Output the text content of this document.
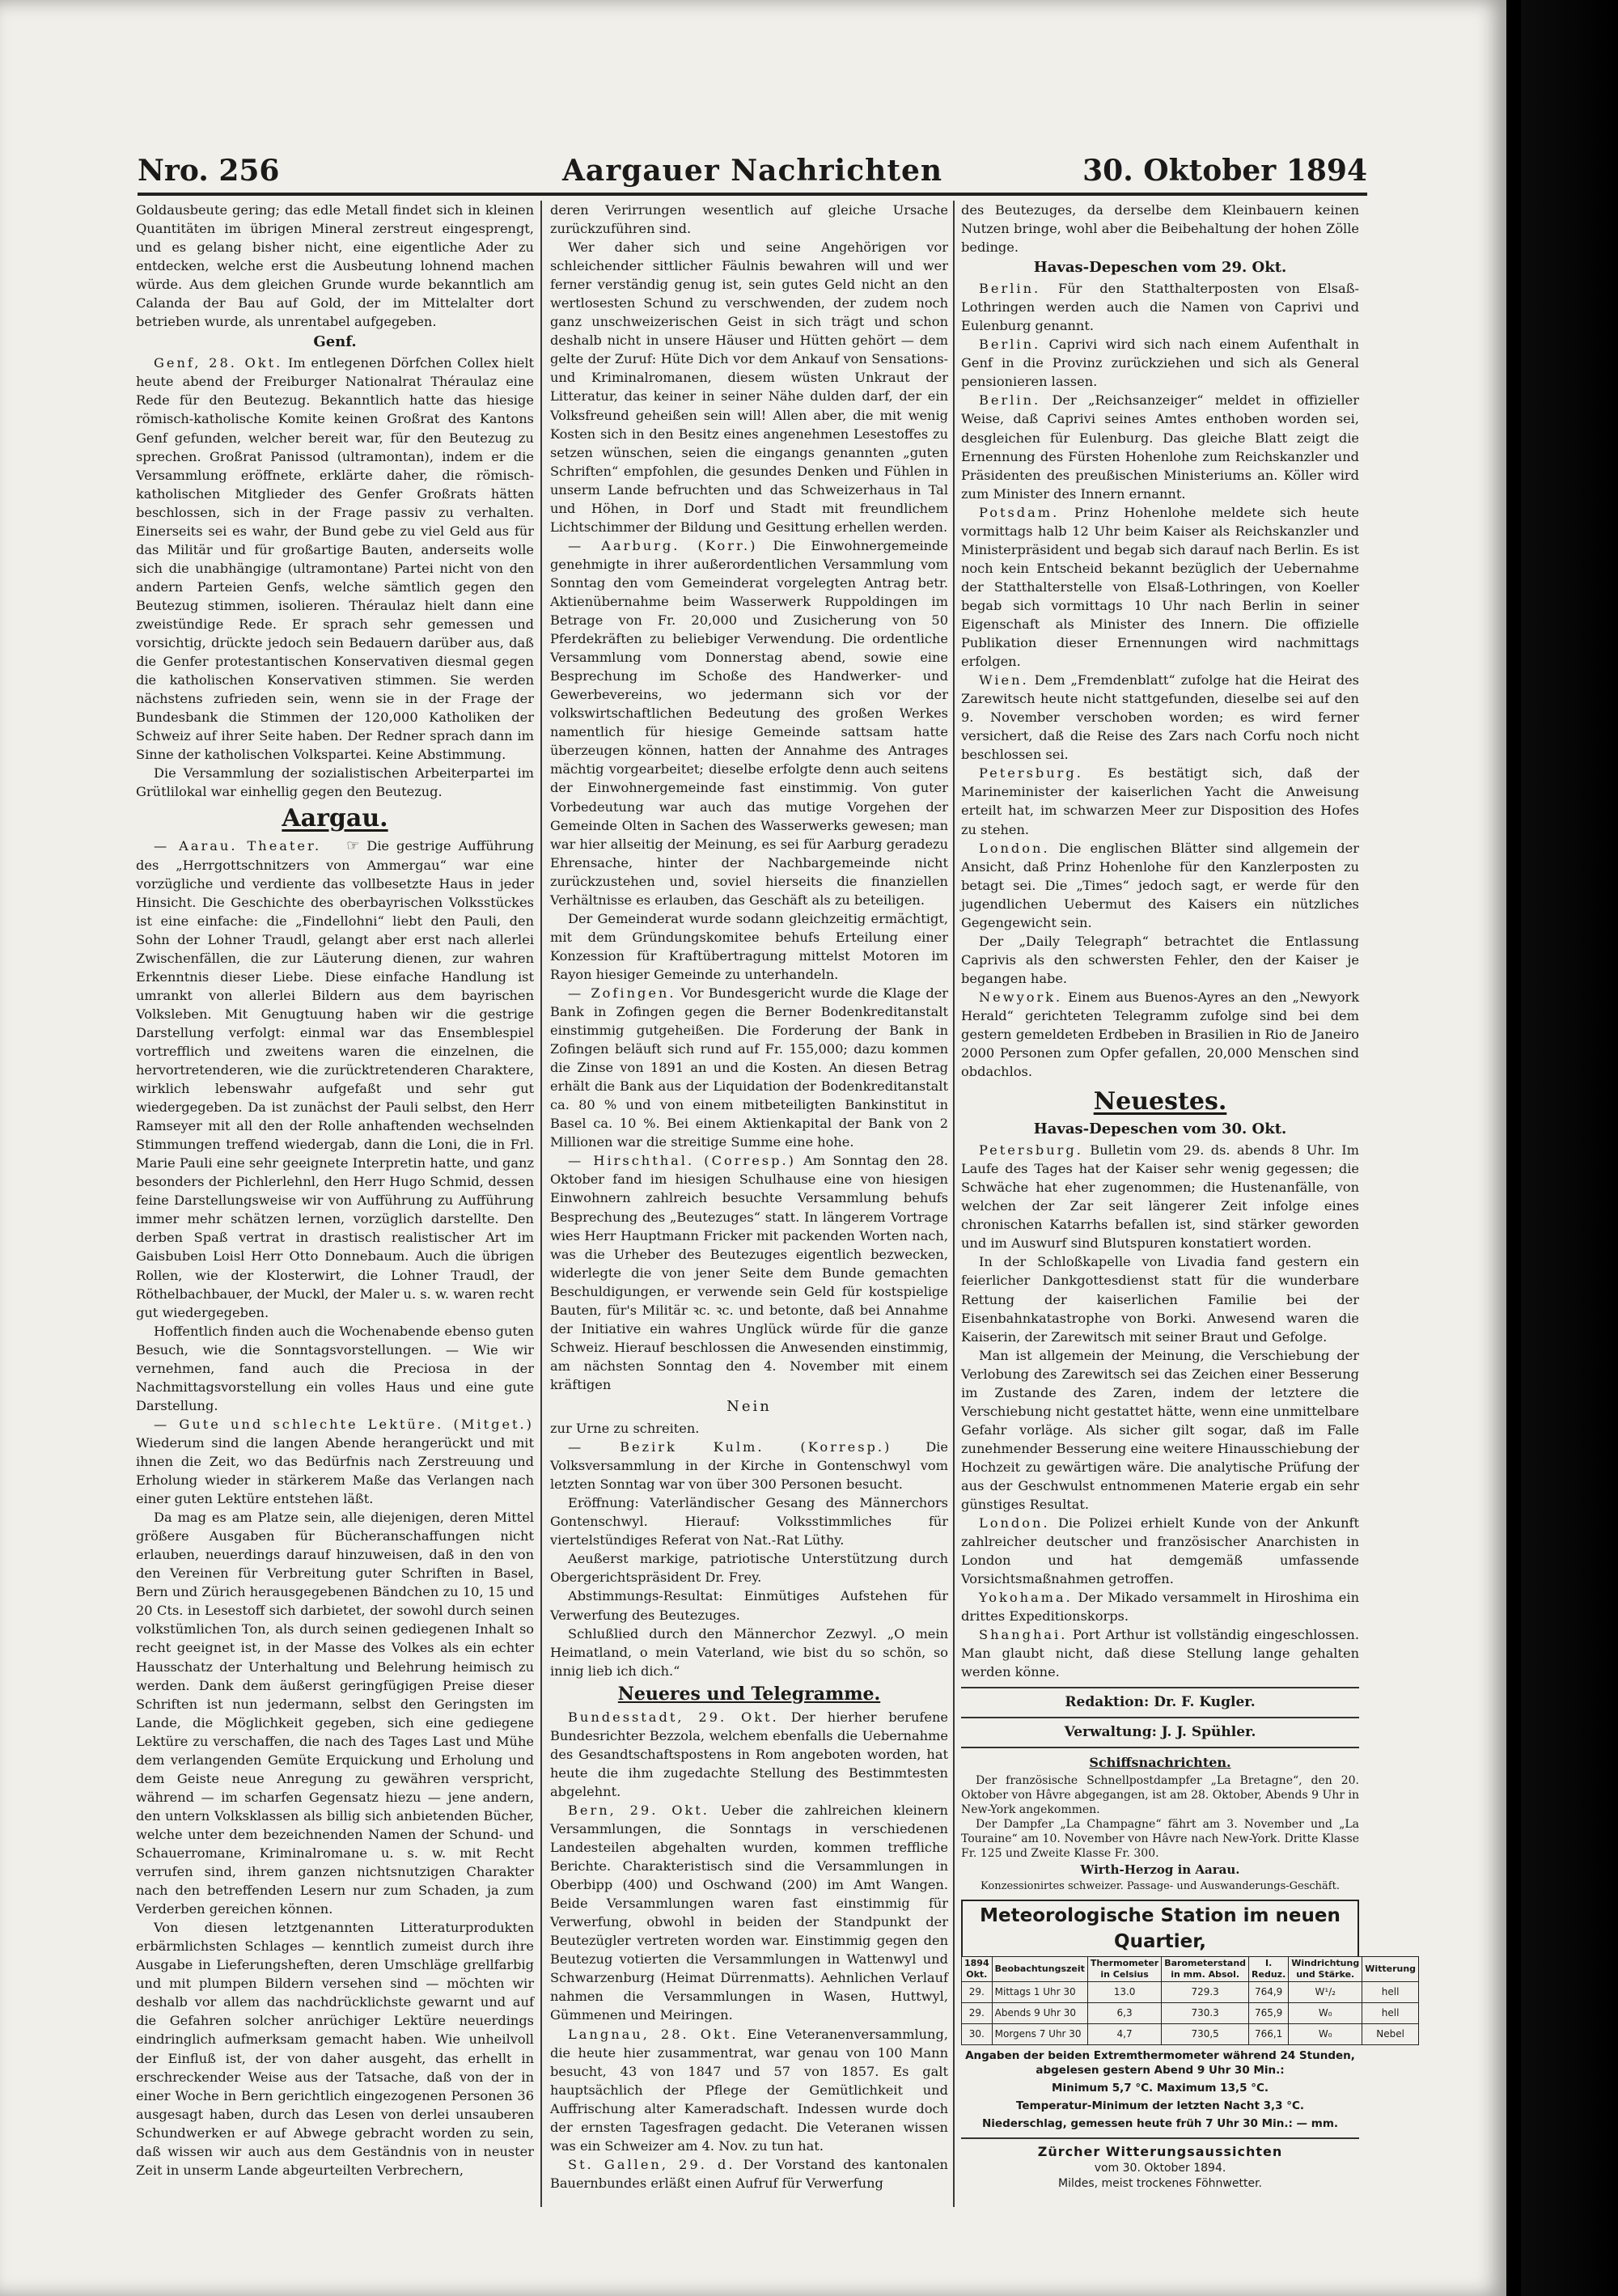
Nro. 256	Aargauer Nachrichten	30. Oktober 1894

Goldausbeute gering; das edle Metall findet sich in kleinen Quantitäten im übrigen Mineral zerstreut eingesprengt, und es gelang bisher nicht, eine eigentliche Ader zu entdecken, welche erst die Ausbeutung lohnend machen würde. Aus dem gleichen Grunde wurde bekanntlich am Calanda der Bau auf Gold, der im Mittelalter dort betrieben wurde, als unrentabel aufgegeben.

Genf.

Genf, 28. Okt. Im entlegenen Dörfchen Collex hielt heute abend der Freiburger Nationalrat Théraulaz eine Rede für den Beutezug. Bekanntlich hatte das hiesige römisch-katholische Komite keinen Großrat des Kantons Genf gefunden, welcher bereit war, für den Beutezug zu sprechen. Großrat Panissod (ultramontan), indem er die Versammlung eröffnete, erklärte daher, die römisch-katholischen Mitglieder des Genfer Großrats hätten beschlossen, sich in der Frage passiv zu verhalten. Einerseits sei es wahr, der Bund gebe zu viel Geld aus für das Militär und für großartige Bauten, anderseits wolle sich die unabhängige (ultramontane) Partei nicht von den andern Parteien Genfs, welche sämtlich gegen den Beutezug stimmen, isolieren. Théraulaz hielt dann eine zweistündige Rede. Er sprach sehr gemessen und vorsichtig, drückte jedoch sein Bedauern darüber aus, daß die Genfer protestantischen Konservativen diesmal gegen die katholischen Konservativen stimmen. Sie werden nächstens zufrieden sein, wenn sie in der Frage der Bundesbank die Stimmen der 120,000 Katholiken der Schweiz auf ihrer Seite haben. Der Redner sprach dann im Sinne der katholischen Volkspartei. Keine Abstimmung.

Die Versammlung der sozialistischen Arbeiterpartei im Grütlilokal war einhellig gegen den Beutezug.

Aargau.

— Aarau. Theater. ☞ Die gestrige Aufführung des „Herrgottschnitzers von Ammergau“ war eine vorzügliche und verdiente das vollbesetzte Haus in jeder Hinsicht. Die Geschichte des oberbayrischen Volksstückes ist eine einfache: die „Findellohni“ liebt den Pauli, den Sohn der Lohner Traudl, gelangt aber erst nach allerlei Zwischenfällen, die zur Läuterung dienen, zur wahren Erkenntnis dieser Liebe. Diese einfache Handlung ist umrankt von allerlei Bildern aus dem bayrischen Volksleben. Mit Genugtuung haben wir die gestrige Darstellung verfolgt: einmal war das Ensemblespiel vortrefflich und zweitens waren die einzelnen, die hervortretenderen, wie die zurücktretenderen Charaktere, wirklich lebenswahr aufgefaßt und sehr gut wiedergegeben. Da ist zunächst der Pauli selbst, den Herr Ramseyer mit all den der Rolle anhaftenden wechselnden Stimmungen treffend wiedergab, dann die Loni, die in Frl. Marie Pauli eine sehr geeignete Interpretin hatte, und ganz besonders der Pichlerlehnl, den Herr Hugo Schmid, dessen feine Darstellungsweise wir von Aufführung zu Aufführung immer mehr schätzen lernen, vorzüglich darstellte. Den derben Spaß vertrat in drastisch realistischer Art im Gaisbuben Loisl Herr Otto Donnebaum. Auch die übrigen Rollen, wie der Klosterwirt, die Lohner Traudl, der Röthelbachbauer, der Muckl, der Maler u. s. w. waren recht gut wiedergegeben.

Hoffentlich finden auch die Wochenabende ebenso guten Besuch, wie die Sonntagsvorstellungen. — Wie wir vernehmen, fand auch die Preciosa in der Nachmittagsvorstellung ein volles Haus und eine gute Darstellung.

— Gute und schlechte Lektüre. (Mitget.) Wiederum sind die langen Abende herangerückt und mit ihnen die Zeit, wo das Bedürfnis nach Zerstreuung und Erholung wieder in stärkerem Maße das Verlangen nach einer guten Lektüre entstehen läßt.

Da mag es am Platze sein, alle diejenigen, deren Mittel größere Ausgaben für Bücheranschaffungen nicht erlauben, neuerdings darauf hinzuweisen, daß in den von den Vereinen für Verbreitung guter Schriften in Basel, Bern und Zürich herausgegebenen Bändchen zu 10, 15 und 20 Cts. in Lesestoff sich darbietet, der sowohl durch seinen volkstümlichen Ton, als durch seinen gediegenen Inhalt so recht geeignet ist, in der Masse des Volkes als ein echter Hausschatz der Unterhaltung und Belehrung heimisch zu werden. Dank dem äußerst geringfügigen Preise dieser Schriften ist nun jedermann, selbst den Geringsten im Lande, die Möglichkeit gegeben, sich eine gediegene Lektüre zu verschaffen, die nach des Tages Last und Mühe dem verlangenden Gemüte Erquickung und Erholung und dem Geiste neue Anregung zu gewähren verspricht, während — im scharfen Gegensatz hiezu — jene andern, den untern Volksklassen als billig sich anbietenden Bücher, welche unter dem bezeichnenden Namen der Schund- und Schauerromane, Kriminalromane u. s. w. mit Recht verrufen sind, ihrem ganzen nichtsnutzigen Charakter nach den betreffenden Lesern nur zum Schaden, ja zum Verderben gereichen können.

Von diesen letztgenannten Litteraturprodukten erbärmlichsten Schlages — kenntlich zumeist durch ihre Ausgabe in Lieferungsheften, deren Umschläge grellfarbig und mit plumpen Bildern versehen sind — möchten wir deshalb vor allem das nachdrücklichste gewarnt und auf die Gefahren solcher anrüchiger Lektüre neuerdings eindringlich aufmerksam gemacht haben. Wie unheilvoll der Einfluß ist, der von daher ausgeht, das erhellt in erschreckender Weise aus der Tatsache, daß von der in einer Woche in Bern gerichtlich eingezogenen Personen 36 ausgesagt haben, durch das Lesen von derlei unsauberen Schundwerken er auf Abwege gebracht worden zu sein, daß wissen wir auch aus dem Geständnis von in neuster Zeit in unserm Lande abgeurteilten Verbrechern,

deren Verirrungen wesentlich auf gleiche Ursache zurückzuführen sind.

Wer daher sich und seine Angehörigen vor schleichender sittlicher Fäulnis bewahren will und wer ferner verständig genug ist, sein gutes Geld nicht an den wertlosesten Schund zu verschwenden, der zudem noch ganz unschweizerischen Geist in sich trägt und schon deshalb nicht in unsere Häuser und Hütten gehört — dem gelte der Zuruf: Hüte Dich vor dem Ankauf von Sensations- und Kriminalromanen, diesem wüsten Unkraut der Litteratur, das keiner in seiner Nähe dulden darf, der ein Volksfreund geheißen sein will! Allen aber, die mit wenig Kosten sich in den Besitz eines angenehmen Lesestoffes zu setzen wünschen, seien die eingangs genannten „guten Schriften“ empfohlen, die gesundes Denken und Fühlen in unserm Lande befruchten und das Schweizerhaus in Tal und Höhen, in Dorf und Stadt mit freundlichem Lichtschimmer der Bildung und Gesittung erhellen werden.

— Aarburg. (Korr.) Die Einwohnergemeinde genehmigte in ihrer außerordentlichen Versammlung vom Sonntag den vom Gemeinderat vorgelegten Antrag betr. Aktienübernahme beim Wasserwerk Ruppoldingen im Betrage von Fr. 20,000 und Zusicherung von 50 Pferdekräften zu beliebiger Verwendung. Die ordentliche Versammlung vom Donnerstag abend, sowie eine Besprechung im Schoße des Handwerker- und Gewerbevereins, wo jedermann sich vor der volkswirtschaftlichen Bedeutung des großen Werkes namentlich für hiesige Gemeinde sattsam hatte überzeugen können, hatten der Annahme des Antrages mächtig vorgearbeitet; dieselbe erfolgte denn auch seitens der Einwohnergemeinde fast einstimmig. Von guter Vorbedeutung war auch das mutige Vorgehen der Gemeinde Olten in Sachen des Wasserwerks gewesen; man war hier allseitig der Meinung, es sei für Aarburg geradezu Ehrensache, hinter der Nachbargemeinde nicht zurückzustehen und, soviel hierseits die finanziellen Verhältnisse es erlauben, das Geschäft als zu beteiligen.

Der Gemeinderat wurde sodann gleichzeitig ermächtigt, mit dem Gründungskomitee behufs Erteilung einer Konzession für Kraftübertragung mittelst Motoren im Rayon hiesiger Gemeinde zu unterhandeln.

— Zofingen. Vor Bundesgericht wurde die Klage der Bank in Zofingen gegen die Berner Bodenkreditanstalt einstimmig gutgeheißen. Die Forderung der Bank in Zofingen beläuft sich rund auf Fr. 155,000; dazu kommen die Zinse von 1891 an und die Kosten. An diesen Betrag erhält die Bank aus der Liquidation der Bodenkreditanstalt ca. 80 % und von einem mitbeteiligten Bankinstitut in Basel ca. 10 %. Bei einem Aktienkapital der Bank von 2 Millionen war die streitige Summe eine hohe.

— Hirschthal. (Corresp.) Am Sonntag den 28. Oktober fand im hiesigen Schulhause eine von hiesigen Einwohnern zahlreich besuchte Versammlung behufs Besprechung des „Beutezuges“ statt. In längerem Vortrage wies Herr Hauptmann Fricker mit packenden Worten nach, was die Urheber des Beutezuges eigentlich bezwecken, widerlegte die von jener Seite dem Bunde gemachten Beschuldigungen, er verwende sein Geld für kostspielige Bauten, für's Militär ꝛc. ꝛc. und betonte, daß bei Annahme der Initiative ein wahres Unglück würde für die ganze Schweiz. Hierauf beschlossen die Anwesenden einstimmig, am nächsten Sonntag den 4. November mit einem kräftigen

Nein

zur Urne zu schreiten.

— Bezirk Kulm. (Korresp.)	Die Volksversammlung in der Kirche in Gontenschwyl vom letzten Sonntag war von über 300 Personen besucht.

Eröffnung: Vaterländischer Gesang des Männerchors Gontenschwyl. Hierauf: Volksstimmliches für viertelstündiges Referat von Nat.-Rat Lüthy.

Aeußerst markige, patriotische Unterstützung durch Obergerichtspräsident Dr. Frey.

Abstimmungs-Resultat: Einmütiges Aufstehen für Verwerfung des Beutezuges.

Schlußlied durch den Männerchor Zezwyl. „O mein Heimatland, o mein Vaterland, wie bist du so schön, so innig lieb ich dich.“

Neueres und Telegramme.

Bundesstadt, 29. Okt. Der hierher berufene Bundesrichter Bezzola, welchem ebenfalls die Uebernahme des Gesandtschaftspostens in Rom angeboten worden, hat heute die ihm zugedachte Stellung des Bestimmtesten abgelehnt.

Bern, 29. Okt. Ueber die zahlreichen kleinern Versammlungen, die Sonntags in verschiedenen Landesteilen abgehalten wurden, kommen treffliche Berichte. Charakteristisch sind die Versammlungen in Oberbipp (400) und Oschwand (200) im Amt Wangen. Beide Versammlungen waren fast einstimmig für Verwerfung, obwohl in beiden der Standpunkt der Beutezügler vertreten worden war. Einstimmig gegen den Beutezug votierten die Versammlungen in Wattenwyl und Schwarzenburg (Heimat Dürrenmatts). Aehnlichen Verlauf nahmen die Versammlungen in Wasen, Huttwyl, Gümmenen und Meiringen.

Langnau, 28. Okt. Eine Veteranenversammlung, die heute hier zusammentrat, war genau von 100 Mann besucht, 43 von 1847 und 57 von 1857. Es galt hauptsächlich der Pflege der Gemütlichkeit und Auffrischung alter Kameradschaft. Indessen wurde doch der ernsten Tagesfragen gedacht. Die Veteranen wissen was ein Schweizer am 4. Nov. zu tun hat.

St. Gallen, 29. d. Der Vorstand des kantonalen Bauernbundes erläßt einen Aufruf für Verwerfung

des Beutezuges, da derselbe dem Kleinbauern keinen Nutzen bringe, wohl aber die Beibehaltung der hohen Zölle bedinge.

Havas-Depeschen vom 29. Okt.

Berlin. Für den Statthalterposten von Elsaß-Lothringen werden auch die Namen von Caprivi und Eulenburg genannt.

Berlin. Caprivi wird sich nach einem Aufenthalt in Genf in die Provinz zurückziehen und sich als General pensionieren lassen.

Berlin. Der „Reichsanzeiger“ meldet in offizieller Weise, daß Caprivi seines Amtes enthoben worden sei, desgleichen für Eulenburg. Das gleiche Blatt zeigt die Ernennung des Fürsten Hohenlohe zum Reichskanzler und Präsidenten des preußischen Ministeriums an. Köller wird zum Minister des Innern ernannt.

Potsdam. Prinz Hohenlohe meldete sich heute vormittags halb 12 Uhr beim Kaiser als Reichskanzler und Ministerpräsident und begab sich darauf nach Berlin. Es ist noch kein Entscheid bekannt bezüglich der Uebernahme der Statthalterstelle von Elsaß-Lothringen, von Koeller begab sich vormittags 10 Uhr nach Berlin in seiner Eigenschaft als Minister des Innern. Die offizielle Publikation dieser Ernennungen wird nachmittags erfolgen.

Wien. Dem „Fremdenblatt“ zufolge hat die Heirat des Zarewitsch heute nicht stattgefunden, dieselbe sei auf den 9. November verschoben worden; es wird ferner versichert, daß die Reise des Zars nach Corfu noch nicht beschlossen sei.

Petersburg. Es bestätigt sich, daß der Marineminister der kaiserlichen Yacht die Anweisung erteilt hat, im schwarzen Meer zur Disposition des Hofes zu stehen.

London. Die englischen Blätter sind allgemein der Ansicht, daß Prinz Hohenlohe für den Kanzlerposten zu betagt sei. Die „Times“ jedoch sagt, er werde für den jugendlichen Uebermut des Kaisers ein nützliches Gegengewicht sein.

Der „Daily Telegraph“ betrachtet die Entlassung Caprivis als den schwersten Fehler, den der Kaiser je begangen habe.

Newyork. Einem aus Buenos-Ayres an den „Newyork Herald“ gerichteten Telegramm zufolge sind bei dem gestern gemeldeten Erdbeben in Brasilien in Rio de Janeiro 2000 Personen zum Opfer gefallen, 20,000 Menschen sind obdachlos.

Neuestes.
Havas-Depeschen vom 30. Okt.

Petersburg. Bulletin vom 29. ds. abends 8 Uhr. Im Laufe des Tages hat der Kaiser sehr wenig gegessen; die Schwäche hat eher zugenommen; die Hustenanfälle, von welchen der Zar seit längerer Zeit infolge eines chronischen Katarrhs befallen ist, sind stärker geworden und im Auswurf sind Blutspuren konstatiert worden.

In der Schloßkapelle von Livadia fand gestern ein feierlicher Dankgottesdienst statt für die wunderbare Rettung der kaiserlichen Familie bei der Eisenbahnkatastrophe von Borki. Anwesend waren die Kaiserin, der Zarewitsch mit seiner Braut und Gefolge.

Man ist allgemein der Meinung, die Verschiebung der Verlobung des Zarewitsch sei das Zeichen einer Besserung im Zustande des Zaren, indem der letztere die Verschiebung nicht gestattet hätte, wenn eine unmittelbare Gefahr vorläge. Als sicher gilt sogar, daß im Falle zunehmender Besserung eine weitere Hinausschiebung der Hochzeit zu gewärtigen wäre. Die analytische Prüfung der aus der Geschwulst entnommenen Materie ergab ein sehr günstiges Resultat.

London. Die Polizei erhielt Kunde von der Ankunft zahlreicher deutscher und französischer Anarchisten in London und hat demgemäß umfassende Vorsichtsmaßnahmen getroffen.

Yokohama. Der Mikado versammelt in Hiroshima ein drittes Expeditionskorps.

Shanghai. Port Arthur ist vollständig eingeschlossen. Man glaubt nicht, daß diese Stellung lange gehalten werden könne.

Redaktion: Dr. F. Kugler.
Verwaltung: J. J. Spühler.
Schiffsnachrichten.

Der französische Schnellpostdampfer „La Bretagne“, den 20. Oktober von Hâvre abgegangen, ist am 28. Oktober, Abends 9 Uhr in New-York angekommen.

Der Dampfer „La Champagne“ fährt am 3. November und „La Touraine“ am 10. November von Hâvre nach New-York. Dritte Klasse Fr. 125 und Zweite Klasse Fr. 300.

Wirth-Herzog in Aarau.
Konzessionirtes schweizer. Passage- und Auswanderungs-Geschäft.
Meteorologische Station im neuen Quartier,
1894 Okt.	Beobachtungszeit	Thermometer in Celsius	Barometerstand in mm. Absol.	I. Reduz.	Windrichtung und Stärke.	Witterung
29.	Mittags 1 Uhr 30	13.0	729.3	764,9	W¹/₂	hell
29.	Abends 9 Uhr 30	6,3	730.3	765,9	W₀	hell
30.	Morgens 7 Uhr 30	4,7	730,5	766,1	W₀	Nebel
Angaben der beiden Extremthermometer während 24 Stunden, abgelesen gestern Abend 9 Uhr 30 Min.:
Minimum 5,7 °C. Maximum 13,5 °C.
Temperatur-Minimum der letzten Nacht 3,3 °C.
Niederschlag, gemessen heute früh 7 Uhr 30 Min.: — mm.
Zürcher Witterungsaussichten
vom 30. Oktober 1894.
Mildes, meist trockenes Föhnwetter.
